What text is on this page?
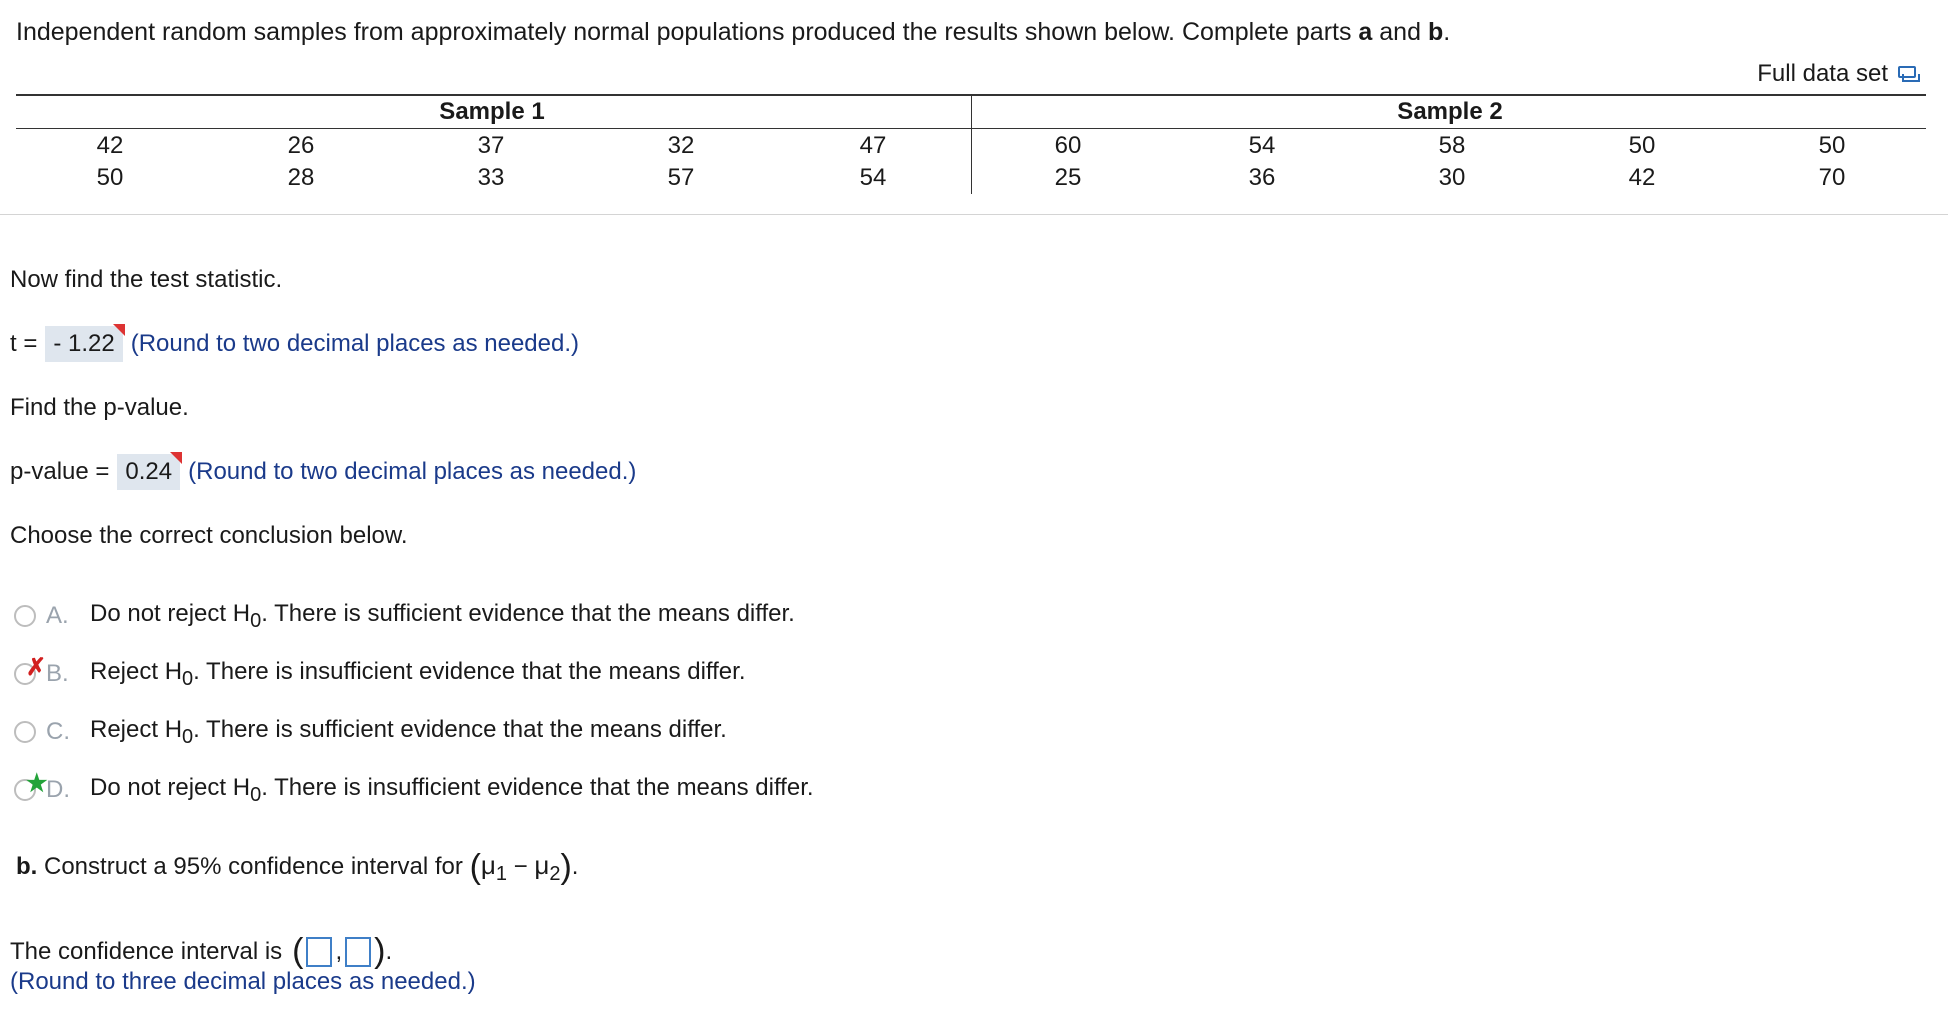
Independent random samples from approximately normal populations produced the results shown below. Complete parts a and b.
Full data set
Sample 1	Sample 2
42	26	37	32	47	60	54	58	50	50
50	28	33	57	54	25	36	30	42	70
Now find the test statistic.
t = - 1.22 (Round to two decimal places as needed.)
Find the p-value.
p-value = 0.24 (Round to two decimal places as needed.)
Choose the correct conclusion below.
A. Do not reject $H_0$. There is sufficient evidence that the means differ.
✗ B. Reject $H_0$. There is insufficient evidence that the means differ.
C. Reject $H_0$. There is sufficient evidence that the means differ.
★
D. Do not reject $H_0$. There is insufficient evidence that the means differ.
b. Construct a 95% confidence interval for $(\mu_1 - \mu_2)$.
The confidence interval is ( , ) .
(Round to three decimal places as needed.)
